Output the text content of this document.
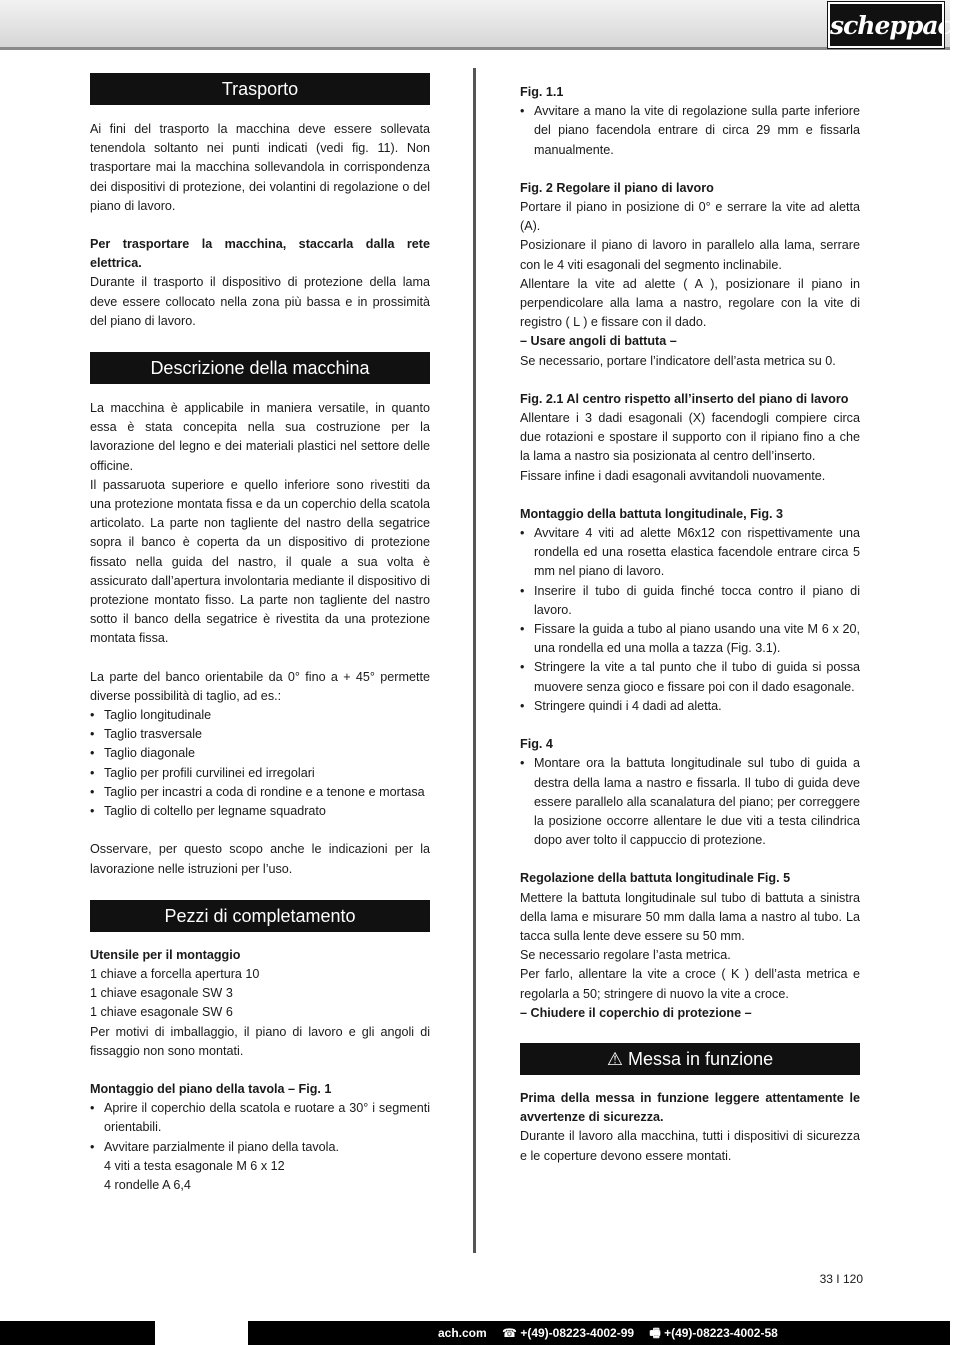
scheppach
Trasporto

Ai fini del trasporto la macchina deve essere sollevata tenendola soltanto nei punti indicati (vedi fig. 11). Non trasportare mai la macchina sollevandola in corrispondenza dei dispositivi di protezione, dei volantini di regolazione o del piano di lavoro.

Per trasportare la macchina, staccarla dalla rete elettrica.

Durante il trasporto il dispositivo di protezione della lama deve essere collocato nella zona più bassa e in prossimità del piano di lavoro.

Descrizione della macchina

La macchina è applicabile in maniera versatile, in quanto essa è stata concepita nella sua costruzione per la lavorazione del legno e dei materiali plastici nel settore delle officine.

Il passaruota superiore e quello inferiore sono rivestiti da una protezione montata fissa e da un coperchio della scatola articolato. La parte non tagliente del nastro della segatrice sopra il banco è coperta da un dispositivo di protezione fissato nella guida del nastro, il quale a sua volta è assicurato dall’apertura involontaria mediante il dispositivo di protezione montato fisso. La parte non tagliente del nastro sotto il banco della segatrice è rivestita da una protezione montata fissa.

La parte del banco orientabile da 0° fino a + 45° permette diverse possibilità di taglio, ad es.:

• Taglio longitudinale
• Taglio trasversale
• Taglio diagonale
• Taglio per profili curvilinei ed irregolari
• Taglio per incastri a coda di rondine e a tenone e mortasa
• Taglio di coltello per legname squadrato

Osservare, per questo scopo anche le indicazioni per la lavorazione nelle istruzioni per l’uso.

Pezzi di completamento

Utensile per il montaggio

1 chiave a forcella apertura 10

1 chiave esagonale SW 3

1 chiave esagonale SW 6

Per motivi di imballaggio, il piano di lavoro e gli angoli di fissaggio non sono montati.

Montaggio del piano della tavola – Fig. 1

• Aprire il coperchio della scatola e ruotare a 30° i segmenti orientabili.
• Avvitare parzialmente il piano della tavola.

4 viti a testa esagonale M 6 x 12

4 rondelle A 6,4

Fig. 1.1

• Avvitare a mano la vite di regolazione sulla parte inferiore del piano facendola entrare di circa 29 mm e fissarla manualmente.

Fig. 2 Regolare il piano di lavoro

Portare il piano in posizione di 0° e serrare la vite ad aletta (A).

Posizionare il piano di lavoro in parallelo alla lama, serrare con le 4 viti esagonali del segmento inclinabile.

Allentare la vite ad alette ( A ), posizionare il piano in perpendicolare alla lama a nastro, regolare con la vite di registro ( L ) e fissare con il dado.

– Usare angoli di battuta –

Se necessario, portare l’indicatore dell’asta metrica su 0.

Fig. 2.1 Al centro rispetto all’inserto del piano di lavoro

Allentare i 3 dadi esagonali (X) facendogli compiere circa due rotazioni e spostare il supporto con il ripiano fino a che la lama a nastro sia posizionata al centro dell’inserto.

Fissare infine i dadi esagonali avvitandoli nuovamente.

Montaggio della battuta longitudinale, Fig. 3

• Avvitare 4 viti ad alette M6x12 con rispettivamente una rondella ed una rosetta elastica facendole entrare circa 5 mm nel piano di lavoro.
• Inserire il tubo di guida finché tocca contro il piano di lavoro.
• Fissare la guida a tubo al piano usando una vite M 6 x 20, una rondella ed una molla a tazza (Fig. 3.1).
• Stringere la vite a tal punto che il tubo di guida si possa muovere senza gioco e fissare poi con il dado esagonale.
• Stringere quindi i 4 dadi ad aletta.

Fig. 4

• Montare ora la battuta longitudinale sul tubo di guida a destra della lama a nastro e fissarla. Il tubo di guida deve essere parallelo alla scanalatura del piano; per correggere la posizione occorre allentare le due viti a testa cilindrica dopo aver tolto il cappuccio di protezione.

Regolazione della battuta longitudinale Fig. 5

Mettere la battuta longitudinale sul tubo di battuta a sinistra della lama e misurare 50 mm dalla lama a nastro al tubo. La tacca sulla lente deve essere su 50 mm.

Se necessario regolare l’asta metrica.

Per farlo, allentare la vite a croce ( K ) dell’asta metrica e regolarla a 50; stringere di nuovo la vite a croce.

– Chiudere il coperchio di protezione –

⚠ Messa in funzione

Prima della messa in funzione leggere attentamente le avvertenze di sicurezza.

Durante il lavoro alla macchina, tutti i dispositivi di sicurezza e le coperture devono essere montati.

33 I 120
ach.com ☎ +(49)-08223-4002-99 🖷 +(49)-08223-4002-58
